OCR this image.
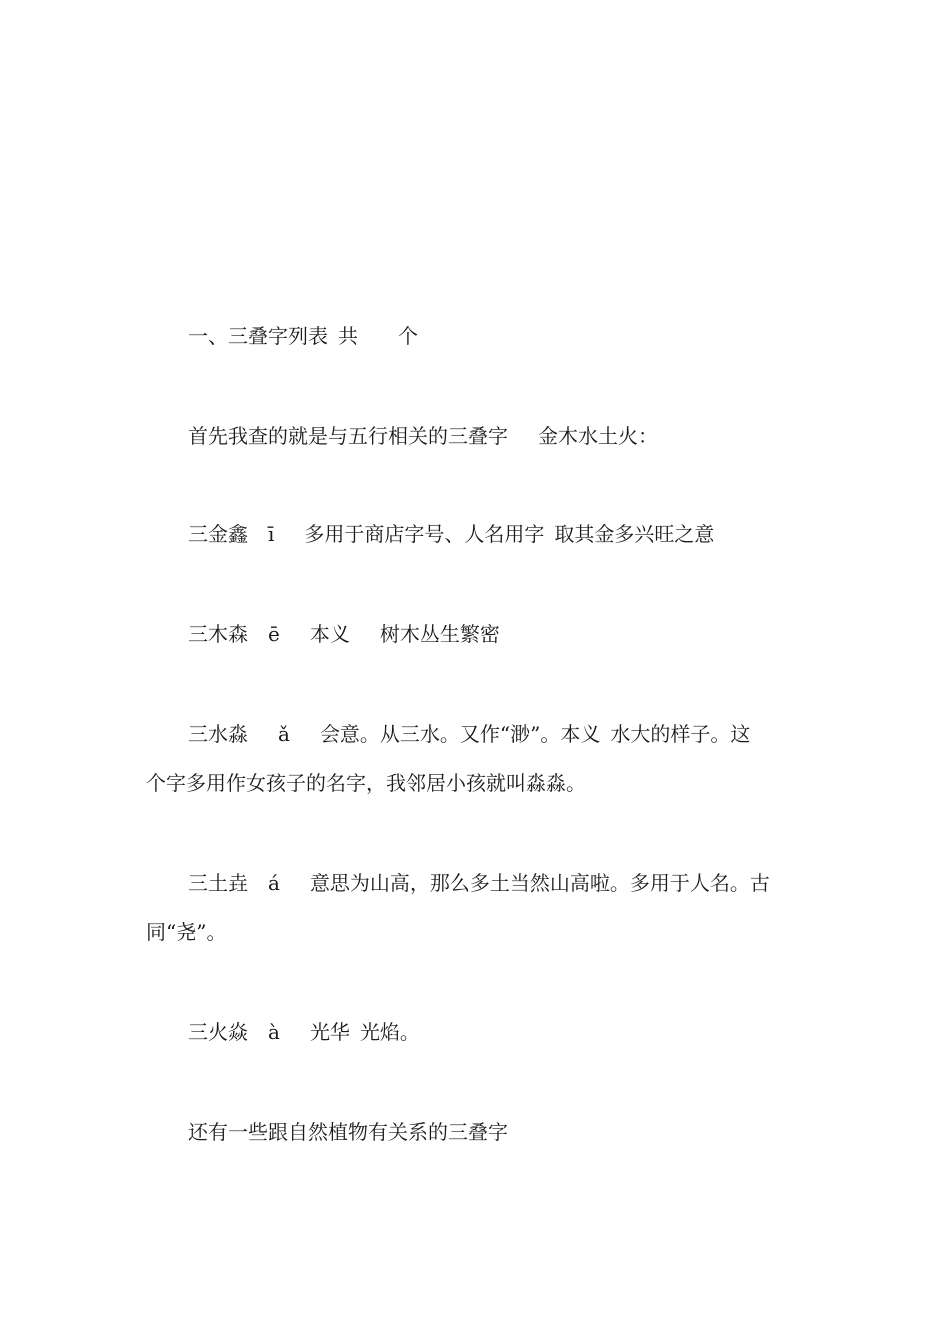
一、三叠字列表 共 个
首先我查的就是与五行相关的三叠字 金木水土火：
三金鑫 ī 多用于商店字号、人名用字 取其金多兴旺之意
三木森 ē 本义 树木丛生繁密
三水淼 ǎ 会意。从三水。又作“渺”。本义 水大的样子。这
个字多用作女孩子的名字，我邻居小孩就叫淼淼。
三土垚 á 意思为山高，那么多土当然山高啦。多用于人名。古
同“尧”。
三火焱 à 光华 光焰。
还有一些跟自然植物有关系的三叠字
